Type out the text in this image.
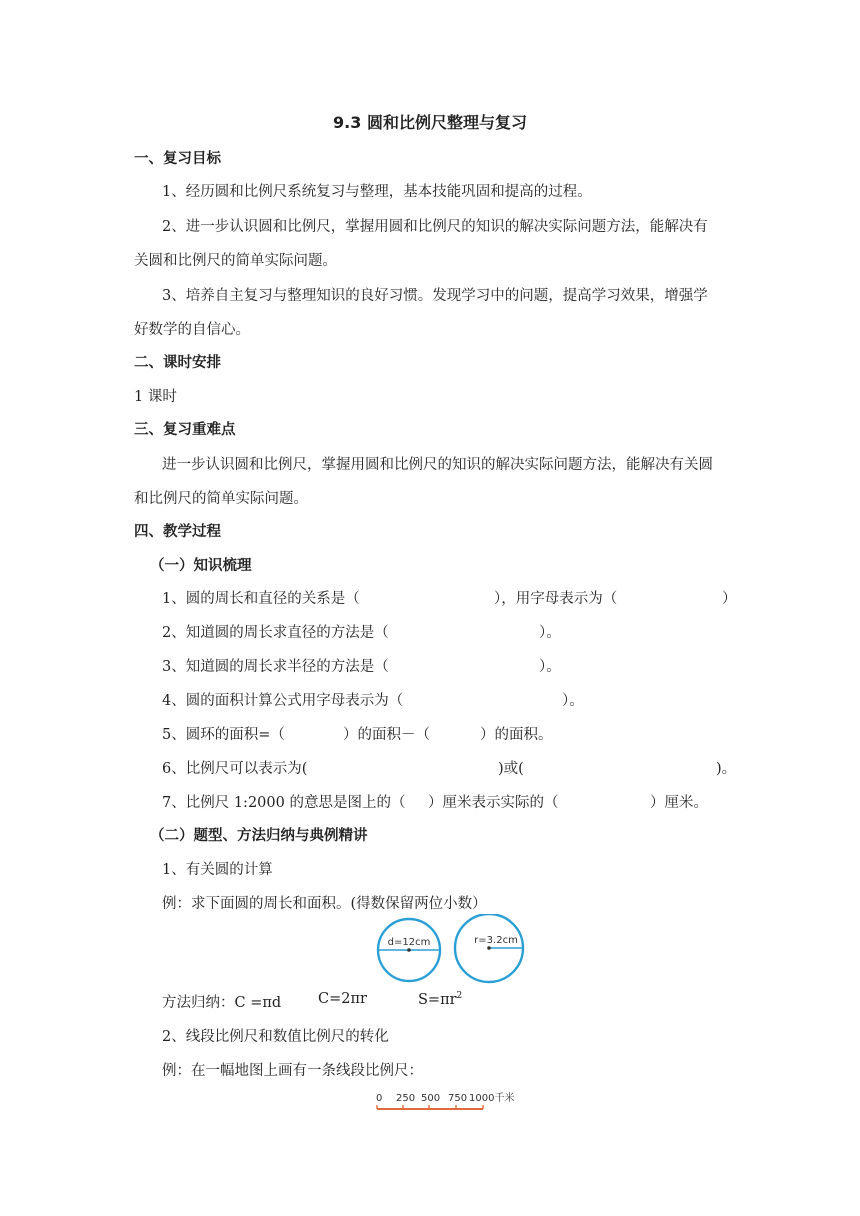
9.3 圆和比例尺整理与复习
一、复习目标
1、经历圆和比例尺系统复习与整理，基本技能巩固和提高的过程。
2、进一步认识圆和比例尺，掌握用圆和比例尺的知识的解决实际问题方法，能解决有
关圆和比例尺的简单实际问题。
3、培养自主复习与整理知识的良好习惯。发现学习中的问题，提高学习效果，增强学
好数学的自信心。
二、课时安排
1 课时
三、复习重难点
进一步认识圆和比例尺，掌握用圆和比例尺的知识的解决实际问题方法，能解决有关圆
和比例尺的简单实际问题。
四、教学过程
（一）知识梳理
1、圆的周长和直径的关系是（	），用字母表示为（	）
2、知道圆的周长求直径的方法是（	）。
3、知道圆的周长求半径的方法是（	）。
4、圆的面积计算公式用字母表示为（	）。
5、圆环的面积=（	）的面积－（	）的面积。
6、比例尺可以表示为(	)或(	)。
7、比例尺 1:2000 的意思是图上的（ ）厘米表示实际的（	）厘米。
（二）题型、方法归纳与典例精讲
1、有关圆的计算
例：求下面圆的周长和面积。(得数保留两位小数）
d=12cm	r=3.2cm
方法归纳：C =πd	C=2πr	$S=\pi r^2$
2、线段比例尺和数值比例尺的转化
例：在一幅地图上画有一条线段比例尺：
0 250 500 750 1000千米
